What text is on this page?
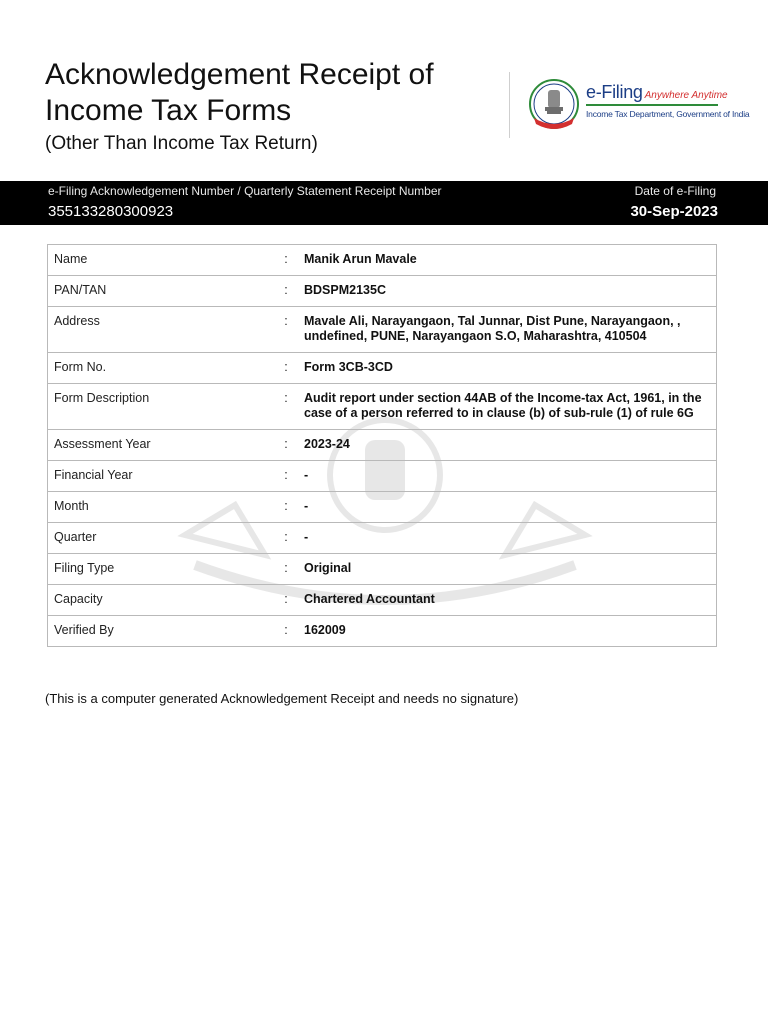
Acknowledgement Receipt of Income Tax Forms
(Other Than Income Tax Return)
e-Filing Anywhere Anytime
Income Tax Department, Government of India
e-Filing Acknowledgement Number / Quarterly Statement Receipt Number
355133280300923
Date of e-Filing
30-Sep-2023
Name	:	Manik Arun Mavale
PAN/TAN	:	BDSPM2135C
Address	:	Mavale Ali, Narayangaon, Tal Junnar, Dist Pune, Narayangaon, , undefined, PUNE, Narayangaon S.O, Maharashtra, 410504
Form No.	:	Form 3CB-3CD
Form Description	:	Audit report under section 44AB of the Income-tax Act, 1961, in the case of a person referred to in clause (b) of sub-rule (1) of rule 6G
Assessment Year	:	2023-24
Financial Year	:	-
Month	:	-
Quarter	:	-
Filing Type	:	Original
Capacity	:	Chartered Accountant
Verified By	:	162009
(This is a computer generated Acknowledgement Receipt and needs no signature)
